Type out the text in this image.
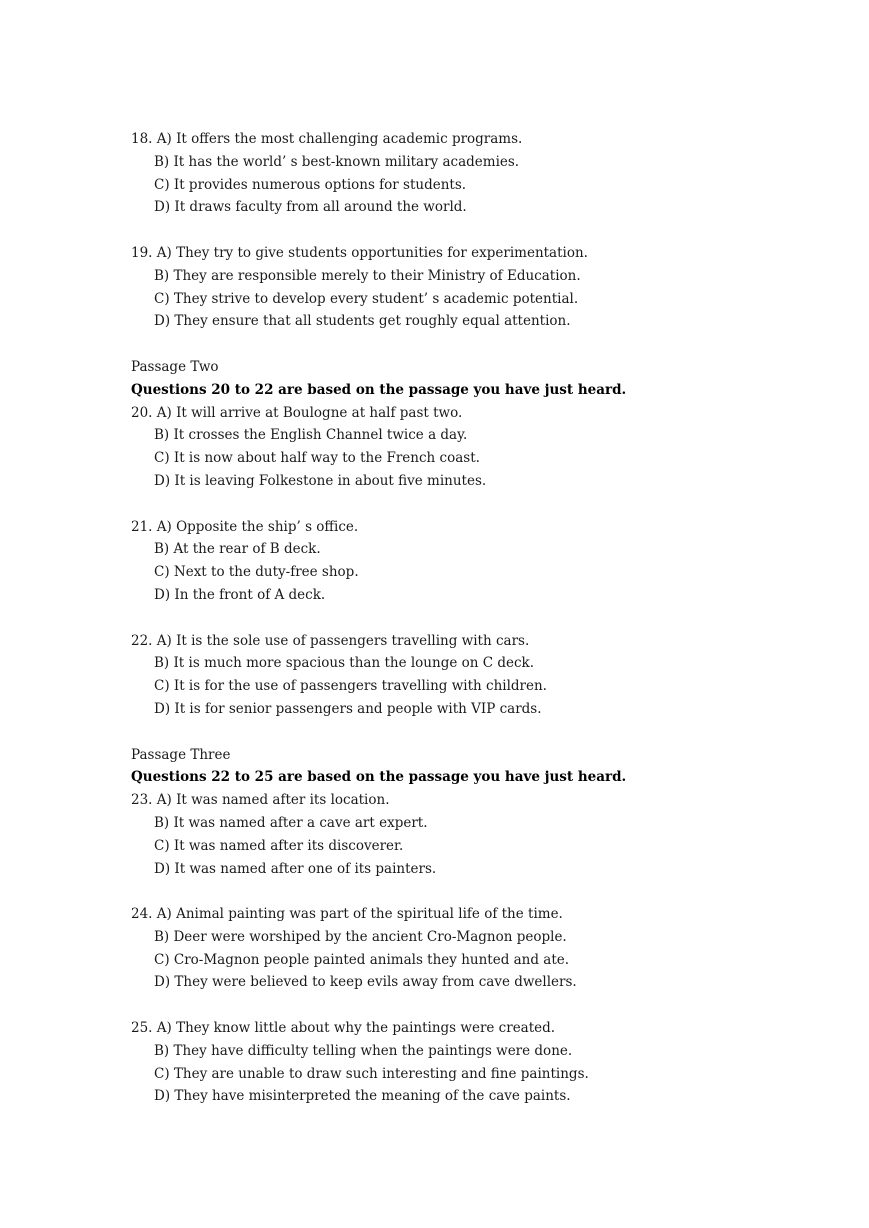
18. A) It offers the most challenging academic programs.
B) It has the world’ s best-known military academies.
C) It provides numerous options for students.
D) It draws faculty from all around the world.
19. A) They try to give students opportunities for experimentation.
B) They are responsible merely to their Ministry of Education.
C) They strive to develop every student’ s academic potential.
D) They ensure that all students get roughly equal attention.
Passage Two
Questions 20 to 22 are based on the passage you have just heard.
20. A) It will arrive at Boulogne at half past two.
B) It crosses the English Channel twice a day.
C) It is now about half way to the French coast.
D) It is leaving Folkestone in about five minutes.
21. A) Opposite the ship’ s office.
B) At the rear of B deck.
C) Next to the duty-free shop.
D) In the front of A deck.
22. A) It is the sole use of passengers travelling with cars.
B) It is much more spacious than the lounge on C deck.
C) It is for the use of passengers travelling with children.
D) It is for senior passengers and people with VIP cards.
Passage Three
Questions 22 to 25 are based on the passage you have just heard.
23. A) It was named after its location.
B) It was named after a cave art expert.
C) It was named after its discoverer.
D) It was named after one of its painters.
24. A) Animal painting was part of the spiritual life of the time.
B) Deer were worshiped by the ancient Cro-Magnon people.
C) Cro-Magnon people painted animals they hunted and ate.
D) They were believed to keep evils away from cave dwellers.
25. A) They know little about why the paintings were created.
B) They have difficulty telling when the paintings were done.
C) They are unable to draw such interesting and fine paintings.
D) They have misinterpreted the meaning of the cave paints.
